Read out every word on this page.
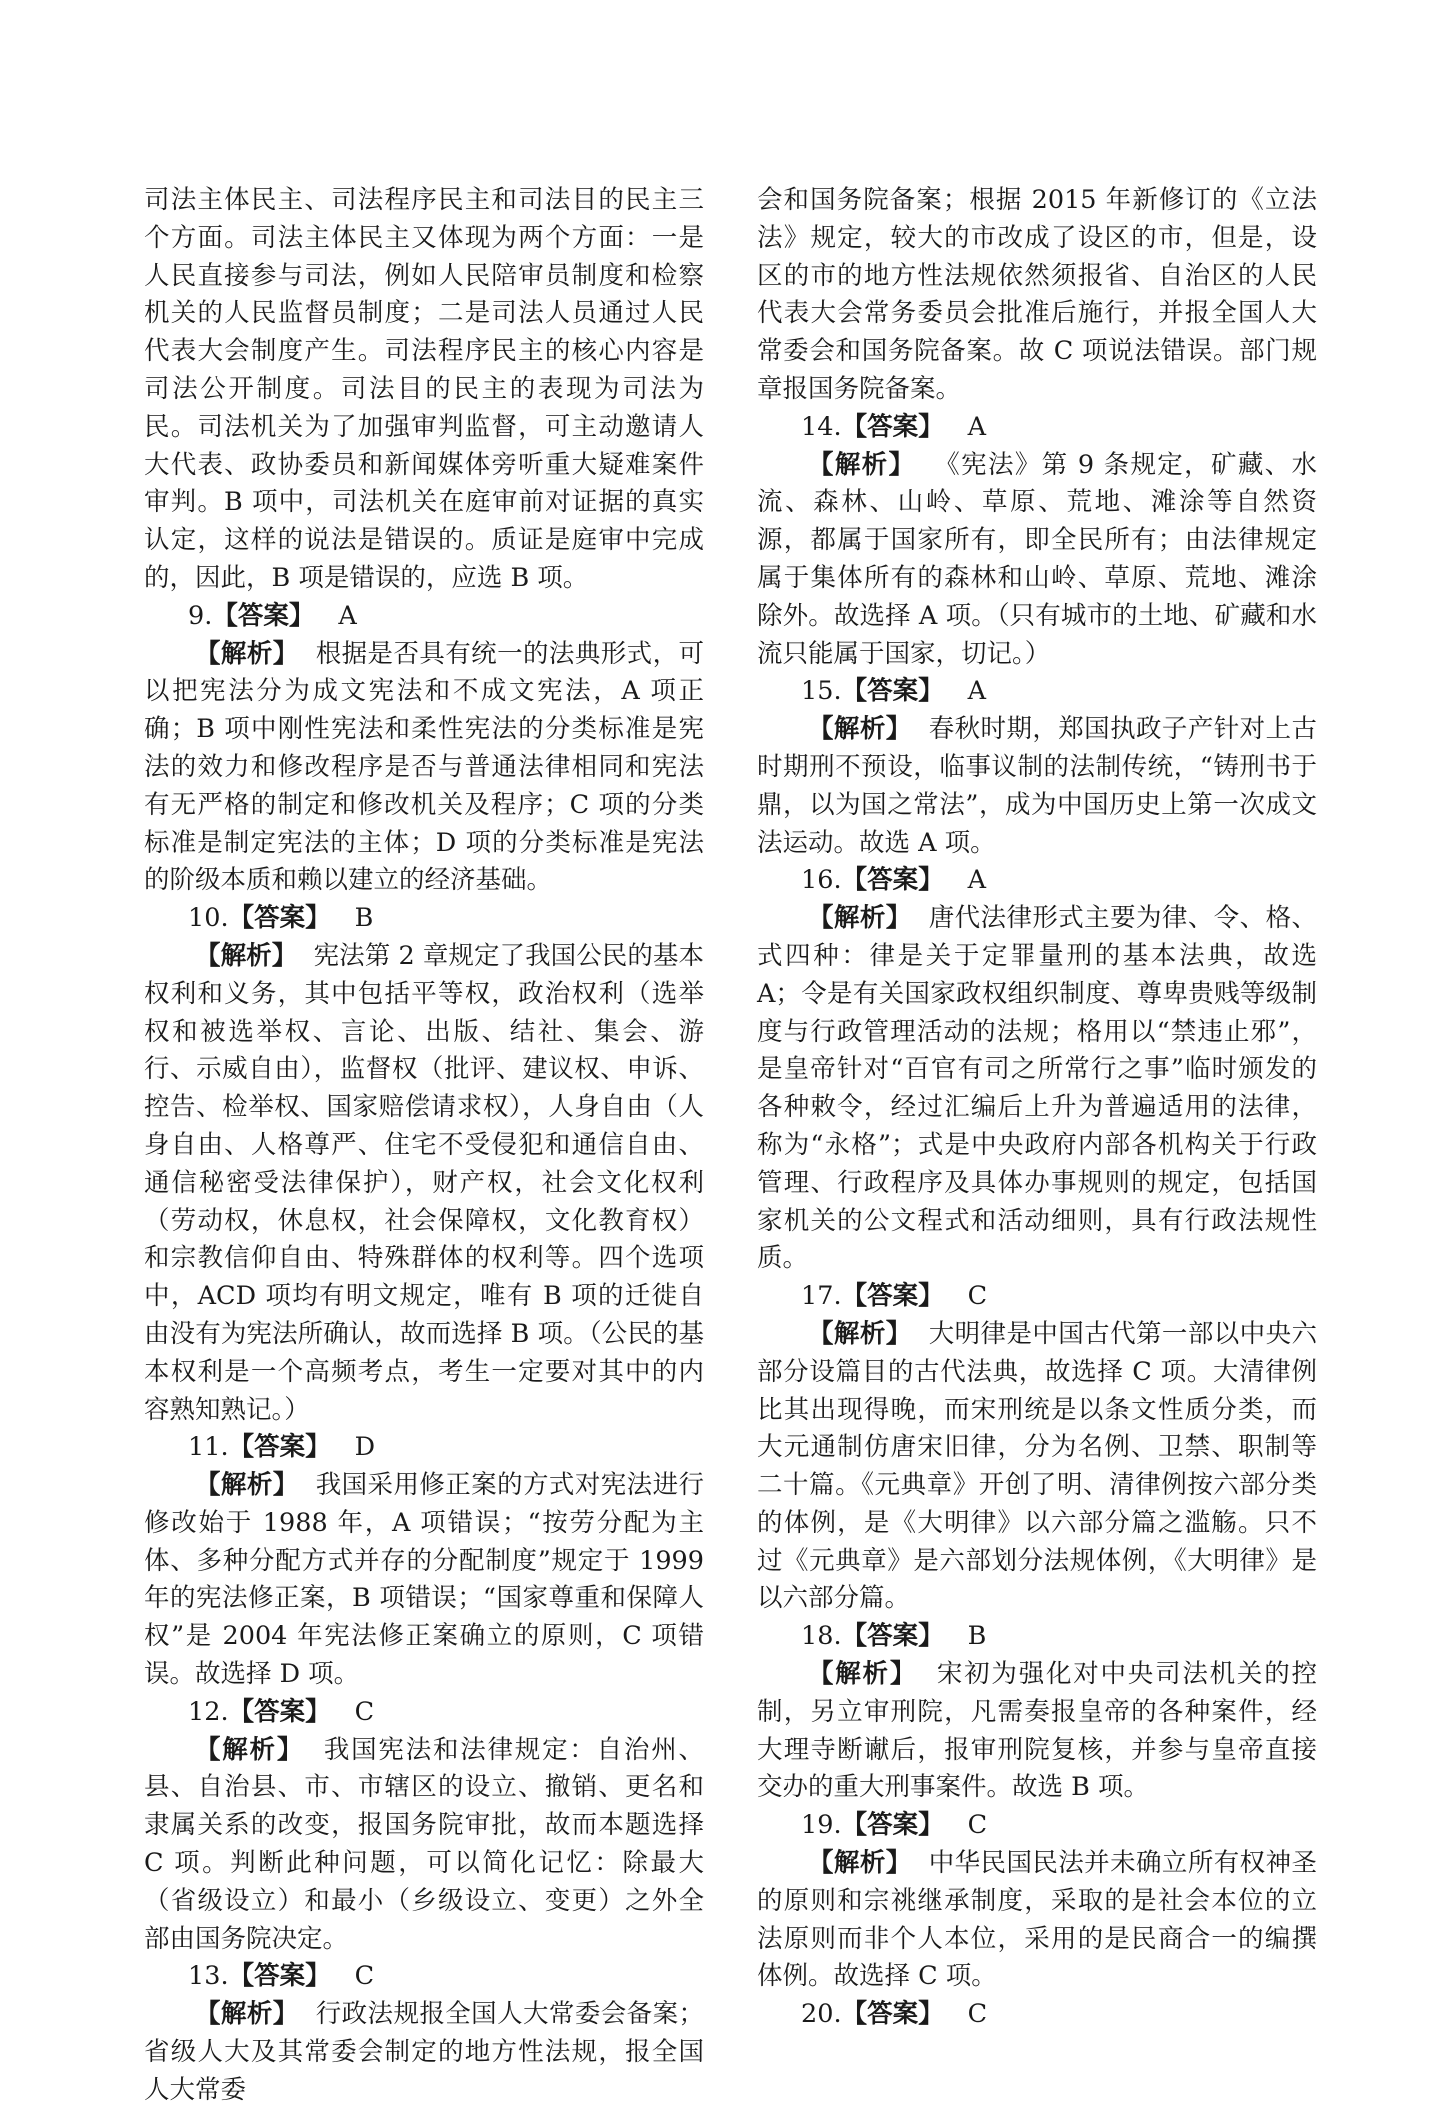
司法主体民主、司法程序民主和司法目的民主三个方面。司法主体民主又体现为两个方面：一是人民直接参与司法，例如人民陪审员制度和检察机关的人民监督员制度；二是司法人员通过人民代表大会制度产生。司法程序民主的核心内容是司法公开制度。司法目的民主的表现为司法为民。司法机关为了加强审判监督，可主动邀请人大代表、政协委员和新闻媒体旁听重大疑难案件审判。B 项中，司法机关在庭审前对证据的真实认定，这样的说法是错误的。质证是庭审中完成的，因此，B 项是错误的，应选 B 项。

9.【答案】 A

【解析】 根据是否具有统一的法典形式，可以把宪法分为成文宪法和不成文宪法，A 项正确；B 项中刚性宪法和柔性宪法的分类标准是宪法的效力和修改程序是否与普通法律相同和宪法有无严格的制定和修改机关及程序；C 项的分类标准是制定宪法的主体；D 项的分类标准是宪法的阶级本质和赖以建立的经济基础。

10.【答案】 B

【解析】 宪法第 2 章规定了我国公民的基本权利和义务，其中包括平等权，政治权利（选举权和被选举权、言论、出版、结社、集会、游行、示威自由），监督权（批评、建议权、申诉、控告、检举权、国家赔偿请求权），人身自由（人身自由、人格尊严、住宅不受侵犯和通信自由、通信秘密受法律保护），财产权，社会文化权利（劳动权，休息权，社会保障权，文化教育权）和宗教信仰自由、特殊群体的权利等。四个选项中，ACD 项均有明文规定，唯有 B 项的迁徙自由没有为宪法所确认，故而选择 B 项。（公民的基本权利是一个高频考点，考生一定要对其中的内容熟知熟记。）

11.【答案】 D

【解析】 我国采用修正案的方式对宪法进行修改始于 1988 年，A 项错误；“按劳分配为主体、多种分配方式并存的分配制度”规定于 1999 年的宪法修正案，B 项错误；“国家尊重和保障人权”是 2004 年宪法修正案确立的原则，C 项错误。故选择 D 项。

12.【答案】 C

【解析】 我国宪法和法律规定：自治州、县、自治县、市、市辖区的设立、撤销、更名和隶属关系的改变，报国务院审批，故而本题选择 C 项。判断此种问题，可以简化记忆：除最大（省级设立）和最小（乡级设立、变更）之外全部由国务院决定。

13.【答案】 C

【解析】 行政法规报全国人大常委会备案；省级人大及其常委会制定的地方性法规，报全国人大常委

会和国务院备案；根据 2015 年新修订的《立法法》规定，较大的市改成了设区的市，但是，设区的市的地方性法规依然须报省、自治区的人民代表大会常务委员会批准后施行，并报全国人大常委会和国务院备案。故 C 项说法错误。部门规章报国务院备案。

14.【答案】 A

【解析】 《宪法》第 9 条规定，矿藏、水流、森林、山岭、草原、荒地、滩涂等自然资源，都属于国家所有，即全民所有；由法律规定属于集体所有的森林和山岭、草原、荒地、滩涂除外。故选择 A 项。（只有城市的土地、矿藏和水流只能属于国家，切记。）

15.【答案】 A

【解析】 春秋时期，郑国执政子产针对上古时期刑不预设，临事议制的法制传统，“铸刑书于鼎，以为国之常法”，成为中国历史上第一次成文法运动。故选 A 项。

16.【答案】 A

【解析】 唐代法律形式主要为律、令、格、式四种：律是关于定罪量刑的基本法典，故选 A；令是有关国家政权组织制度、尊卑贵贱等级制度与行政管理活动的法规；格用以“禁违止邪”，是皇帝针对“百官有司之所常行之事”临时颁发的各种敕令，经过汇编后上升为普遍适用的法律，称为“永格”；式是中央政府内部各机构关于行政管理、行政程序及具体办事规则的规定，包括国家机关的公文程式和活动细则，具有行政法规性质。

17.【答案】 C

【解析】 大明律是中国古代第一部以中央六部分设篇目的古代法典，故选择 C 项。大清律例比其出现得晚，而宋刑统是以条文性质分类，而大元通制仿唐宋旧律，分为名例、卫禁、职制等二十篇。《元典章》开创了明、清律例按六部分类的体例，是《大明律》以六部分篇之滥觞。只不过《元典章》是六部划分法规体例，《大明律》是以六部分篇。

18.【答案】 B

【解析】 宋初为强化对中央司法机关的控制，另立审刑院，凡需奏报皇帝的各种案件，经大理寺断谳后，报审刑院复核，并参与皇帝直接交办的重大刑事案件。故选 B 项。

19.【答案】 C

【解析】 中华民国民法并未确立所有权神圣的原则和宗祧继承制度，采取的是社会本位的立法原则而非个人本位，采用的是民商合一的编撰体例。故选择 C 项。

20.【答案】 C
